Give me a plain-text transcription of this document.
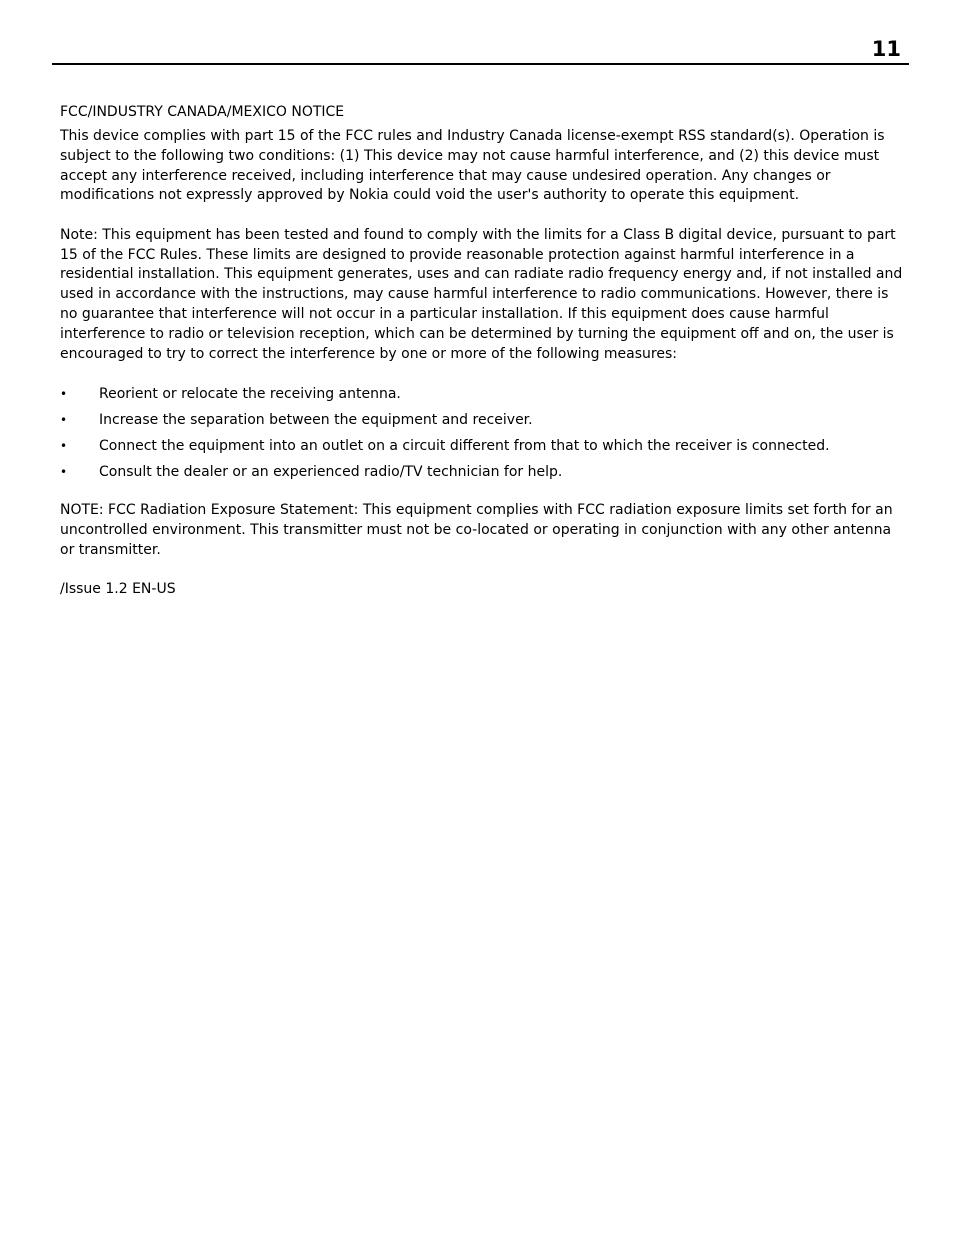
11
FCC/INDUSTRY CANADA/MEXICO NOTICE

This device complies with part 15 of the FCC rules and Industry Canada license-exempt RSS standard(s). Operation is subject to the following two conditions: (1) This device may not cause harmful interference, and (2) this device must accept any interference received, including interference that may cause undesired operation. Any changes or modifications not expressly approved by Nokia could void the user's authority to operate this equipment.

Note: This equipment has been tested and found to comply with the limits for a Class B digital device, pursuant to part 15 of the FCC Rules. These limits are designed to provide reasonable protection against harmful interference in a residential installation. This equipment generates, uses and can radiate radio frequency energy and, if not installed and used in accordance with the instructions, may cause harmful interference to radio communications. However, there is no guarantee that interference will not occur in a particular installation. If this equipment does cause harmful interference to radio or television reception, which can be determined by turning the equipment off and on, the user is encouraged to try to correct the interference by one or more of the following measures:

• Reorient or relocate the receiving antenna.
• Increase the separation between the equipment and receiver.
• Connect the equipment into an outlet on a circuit different from that to which the receiver is connected.
• Consult the dealer or an experienced radio/TV technician for help.

NOTE: FCC Radiation Exposure Statement: This equipment complies with FCC radiation exposure limits set forth for an uncontrolled environment. This transmitter must not be co-located or operating in conjunction with any other antenna or transmitter.

/Issue 1.2 EN-US
